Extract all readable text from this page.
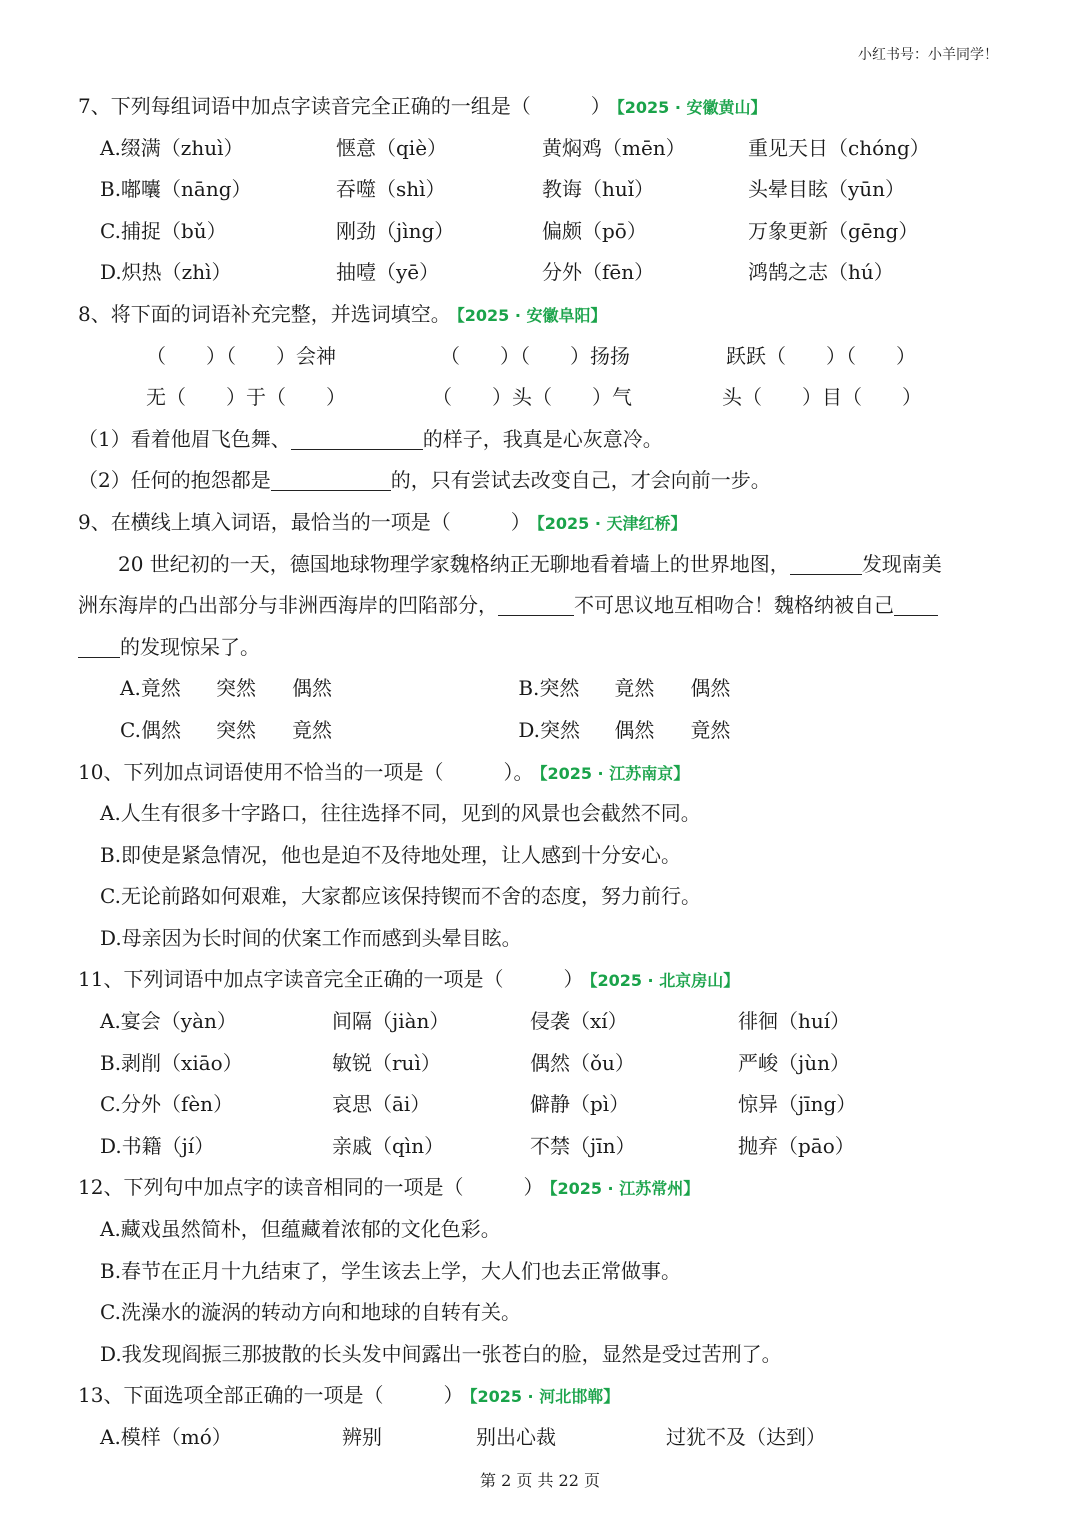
小红书号：小羊同学！
7、下列每组词语中加点字读音完全正确的一组是（　　　） 【2025 · 安徽黄山】
A.缀满（zhuì）	惬意（qiè）	黄焖鸡（mēn）	重见天日（chóng）
B.嘟囔（nāng）	吞噬（shì）	教诲（huǐ）	头晕目眩（yūn）
C.捕捉（bǔ）	刚劲（jìng）	偏颇（pō）	万象更新（gēng）
D.炽热（zhì）	抽噎（yē）	分外（fēn）	鸿鹄之志（hú）
8、将下面的词语补充完整，并选词填空。 【2025 · 安徽阜阳】
（　　）（　　）会神	（　　）（　　）扬扬	跃跃（　　）（　　）
无（　　）于（　　）	（　　）头（　　）气	头（　　）目（　　）
（1）看着他眉飞色舞、	的样子，我真是心灰意冷。
（2）任何的抱怨都是	的，只有尝试去改变自己，才会向前一步。
9、在横线上填入词语，最恰当的一项是（　　　） 【2025 · 天津红桥】
20 世纪初的一天，德国地球物理学家魏格纳正无聊地看着墙上的世界地图，	发现南美
洲东海岸的凸出部分与非洲西海岸的凹陷部分，	不可思议地互相吻合！魏格纳被自己
的发现惊呆了。
A.竟然 突然 偶然	B.突然 竟然 偶然
C.偶然 突然 竟然	D.突然 偶然 竟然
10、下列加点词语使用不恰当的一项是（　　　）。 【2025 · 江苏南京】
A.人生有很多十字路口，往往选择不同，见到的风景也会截然不同。
B.即使是紧急情况，他也是迫不及待地处理，让人感到十分安心。
C.无论前路如何艰难，大家都应该保持锲而不舍的态度，努力前行。
D.母亲因为长时间的伏案工作而感到头晕目眩。
11、下列词语中加点字读音完全正确的一项是（　　　） 【2025 · 北京房山】
A.宴会（yàn）	间隔（jiàn）	侵袭（xí）	徘徊（huí）
B.剥削（xiāo）	敏锐（ruì）	偶然（ǒu）	严峻（jùn）
C.分外（fèn）	哀思（āi）	僻静（pì）	惊异（jīng）
D.书籍（jí）	亲戚（qìn）	不禁（jīn）	抛弃（pāo）
12、下列句中加点字的读音相同的一项是（　　　） 【2025 · 江苏常州】
A.藏戏虽然简朴，但蕴藏着浓郁的文化色彩。
B.春节在正月十九结束了，学生该去上学，大人们也去正常做事。
C.洗澡水的漩涡的转动方向和地球的自转有关。
D.我发现阎振三那披散的长头发中间露出一张苍白的脸，显然是受过苦刑了。
13、下面选项全部正确的一项是（　　　） 【2025 · 河北邯郸】
A.模样（mó）	辨别	别出心裁	过犹不及（达到）
第 2 页 共 22 页
